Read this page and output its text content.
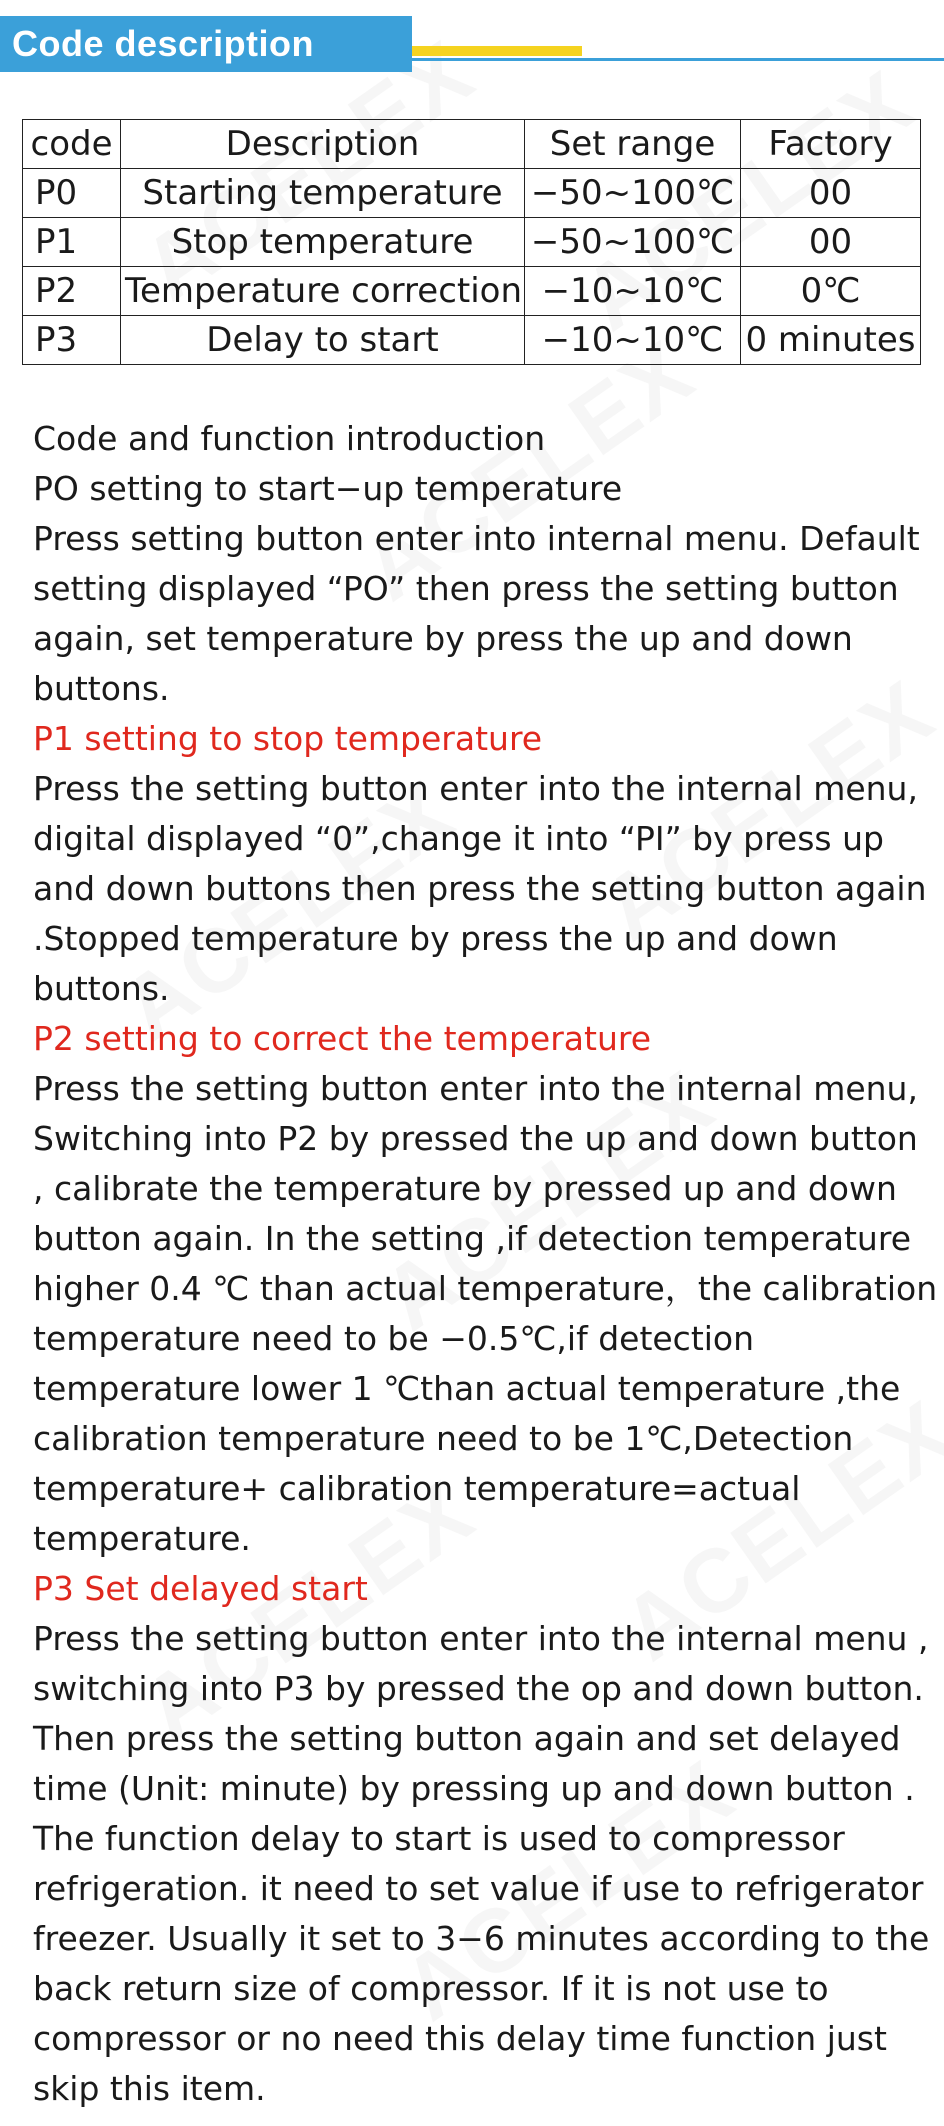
Code description
code	Description	Set range	Factory
P0	Starting temperature	−50~100℃	00
P1	Stop temperature	−50~100℃	00
P2	Temperature correction	−10~10℃	0℃
P3	Delay to start	−10~10℃	0 minutes

Code and function introduction

PO setting to start−up temperature

Press setting button enter into internal menu. Default setting displayed “PO” then press the setting button again, set temperature by press the up and down buttons.

P1 setting to stop temperature

Press the setting button enter into the internal menu, digital displayed “0”,change it into “PI” by press up and down buttons then press the setting button again .Stopped temperature by press the up and down buttons.

P2 setting to correct the temperature

Press the setting button enter into the internal menu, Switching into P2 by pressed the up and down button , calibrate the temperature by pressed up and down button again. In the setting ,if detection temperature higher 0.4 ℃ than actual temperature，the calibration temperature need to be −0.5℃,if detection temperature lower 1 ℃than actual temperature ,the calibration temperature need to be 1℃,Detection temperature+ calibration temperature=actual temperature.

P3 Set delayed start

Press the setting button enter into the internal menu , switching into P3 by pressed the op and down button. Then press the setting button again and set delayed time (Unit: minute) by pressing up and down button . The function delay to start is used to compressor refrigeration. it need to set value if use to refrigerator freezer. Usually it set to 3−6 minutes according to the back return size of compressor. If it is not use to compressor or no need this delay time function just skip this item.
